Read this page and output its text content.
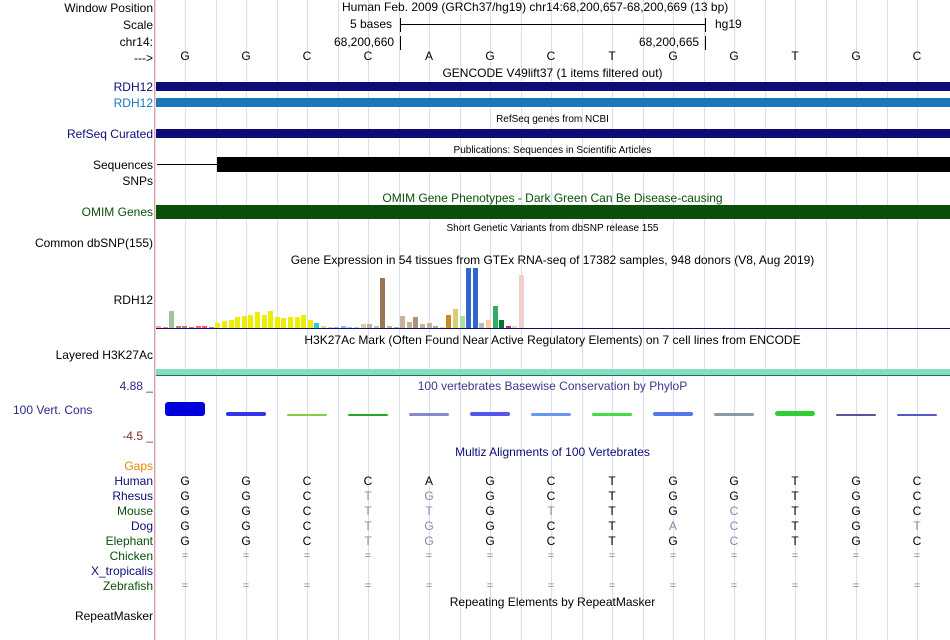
Window Position
Scale
chr14:
--->
Human Feb. 2009 (GRCh37/hg19) chr14:68,200,657-68,200,669 (13 bp)
5 bases	hg19
68,200,660	68,200,665
G	G	C	C	A	G	C	T	G	G	T	G	C
GENCODE V49lift37 (1 items filtered out)
RDH12
RDH12
RefSeq genes from NCBI
RefSeq Curated
Publications: Sequences in Scientific Articles
Sequences
SNPs
OMIM Gene Phenotypes - Dark Green Can Be Disease-causing
OMIM Genes
Short Genetic Variants from dbSNP release 155
Common dbSNP(155)
Gene Expression in 54 tissues from GTEx RNA-seq of 17382 samples, 948 donors (V8, Aug 2019)
RDH12
H3K27Ac Mark (Often Found Near Active Regulatory Elements) on 7 cell lines from ENCODE
Layered H3K27Ac
100 vertebrates Basewise Conservation by PhyloP
4.88 _
100 Vert. Cons
-4.5 _
Multiz Alignments of 100 Vertebrates
Gaps
Human	G	G	C	C	A	G	C	T	G	G	T	G	C
Rhesus	G	G	C	T	G	G	C	T	G	G	T	G	C
Mouse	G	G	C	T	T	G	T	T	G	C	T	G	C
Dog	G	G	C	T	G	G	C	T	A	C	T	G	T
Elephant	G	G	C	T	G	G	C	T	G	C	T	G	C
Chicken	=	=	=	=	=	=	=	=	=	=	=	=	=
X_tropicalis
Zebrafish	=	=	=	=	=	=	=	=	=	=	=	=	=
Repeating Elements by RepeatMasker
RepeatMasker
